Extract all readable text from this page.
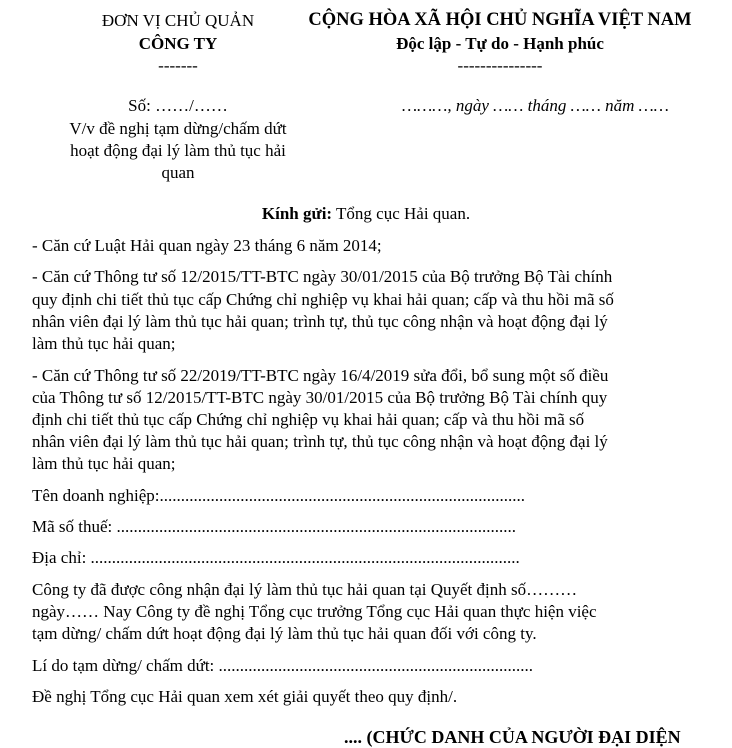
ĐƠN VỊ CHỦ QUẢN
CÔNG TY
-------
CỘNG HÒA XÃ HỘI CHỦ NGHĨA VIỆT NAM
Độc lập - Tự do - Hạnh phúc
---------------
Số: ……/……
V/v đề nghị tạm dừng/chấm dứt
hoạt động đại lý làm thủ tục hải
quan
………, ngày …… tháng …… năm ……
Kính gửi: Tổng cục Hải quan.
- Căn cứ Luật Hải quan ngày 23 tháng 6 năm 2014;
- Căn cứ Thông tư số 12/2015/TT-BTC ngày 30/01/2015 của Bộ trưởng Bộ Tài chính
quy định chi tiết thủ tục cấp Chứng chỉ nghiệp vụ khai hải quan; cấp và thu hồi mã số
nhân viên đại lý làm thủ tục hải quan; trình tự, thủ tục công nhận và hoạt động đại lý
làm thủ tục hải quan;
- Căn cứ Thông tư số 22/2019/TT-BTC ngày 16/4/2019 sửa đổi, bổ sung một số điều
của Thông tư số 12/2015/TT-BTC ngày 30/01/2015 của Bộ trưởng Bộ Tài chính quy
định chi tiết thủ tục cấp Chứng chỉ nghiệp vụ khai hải quan; cấp và thu hồi mã số
nhân viên đại lý làm thủ tục hải quan; trình tự, thủ tục công nhận và hoạt động đại lý
làm thủ tục hải quan;
Tên doanh nghiệp:......................................................................................
Mã số thuế: ..............................................................................................
Địa chỉ: .....................................................................................................
Công ty đã được công nhận đại lý làm thủ tục hải quan tại Quyết định số………
ngày…… Nay Công ty đề nghị Tổng cục trưởng Tổng cục Hải quan thực hiện việc
tạm dừng/ chấm dứt hoạt động đại lý làm thủ tục hải quan đối với công ty.
Lí do tạm dừng/ chấm dứt: ..........................................................................
Đề nghị Tổng cục Hải quan xem xét giải quyết theo quy định/.
.... (CHỨC DANH CỦA NGƯỜI ĐẠI DIỆN
